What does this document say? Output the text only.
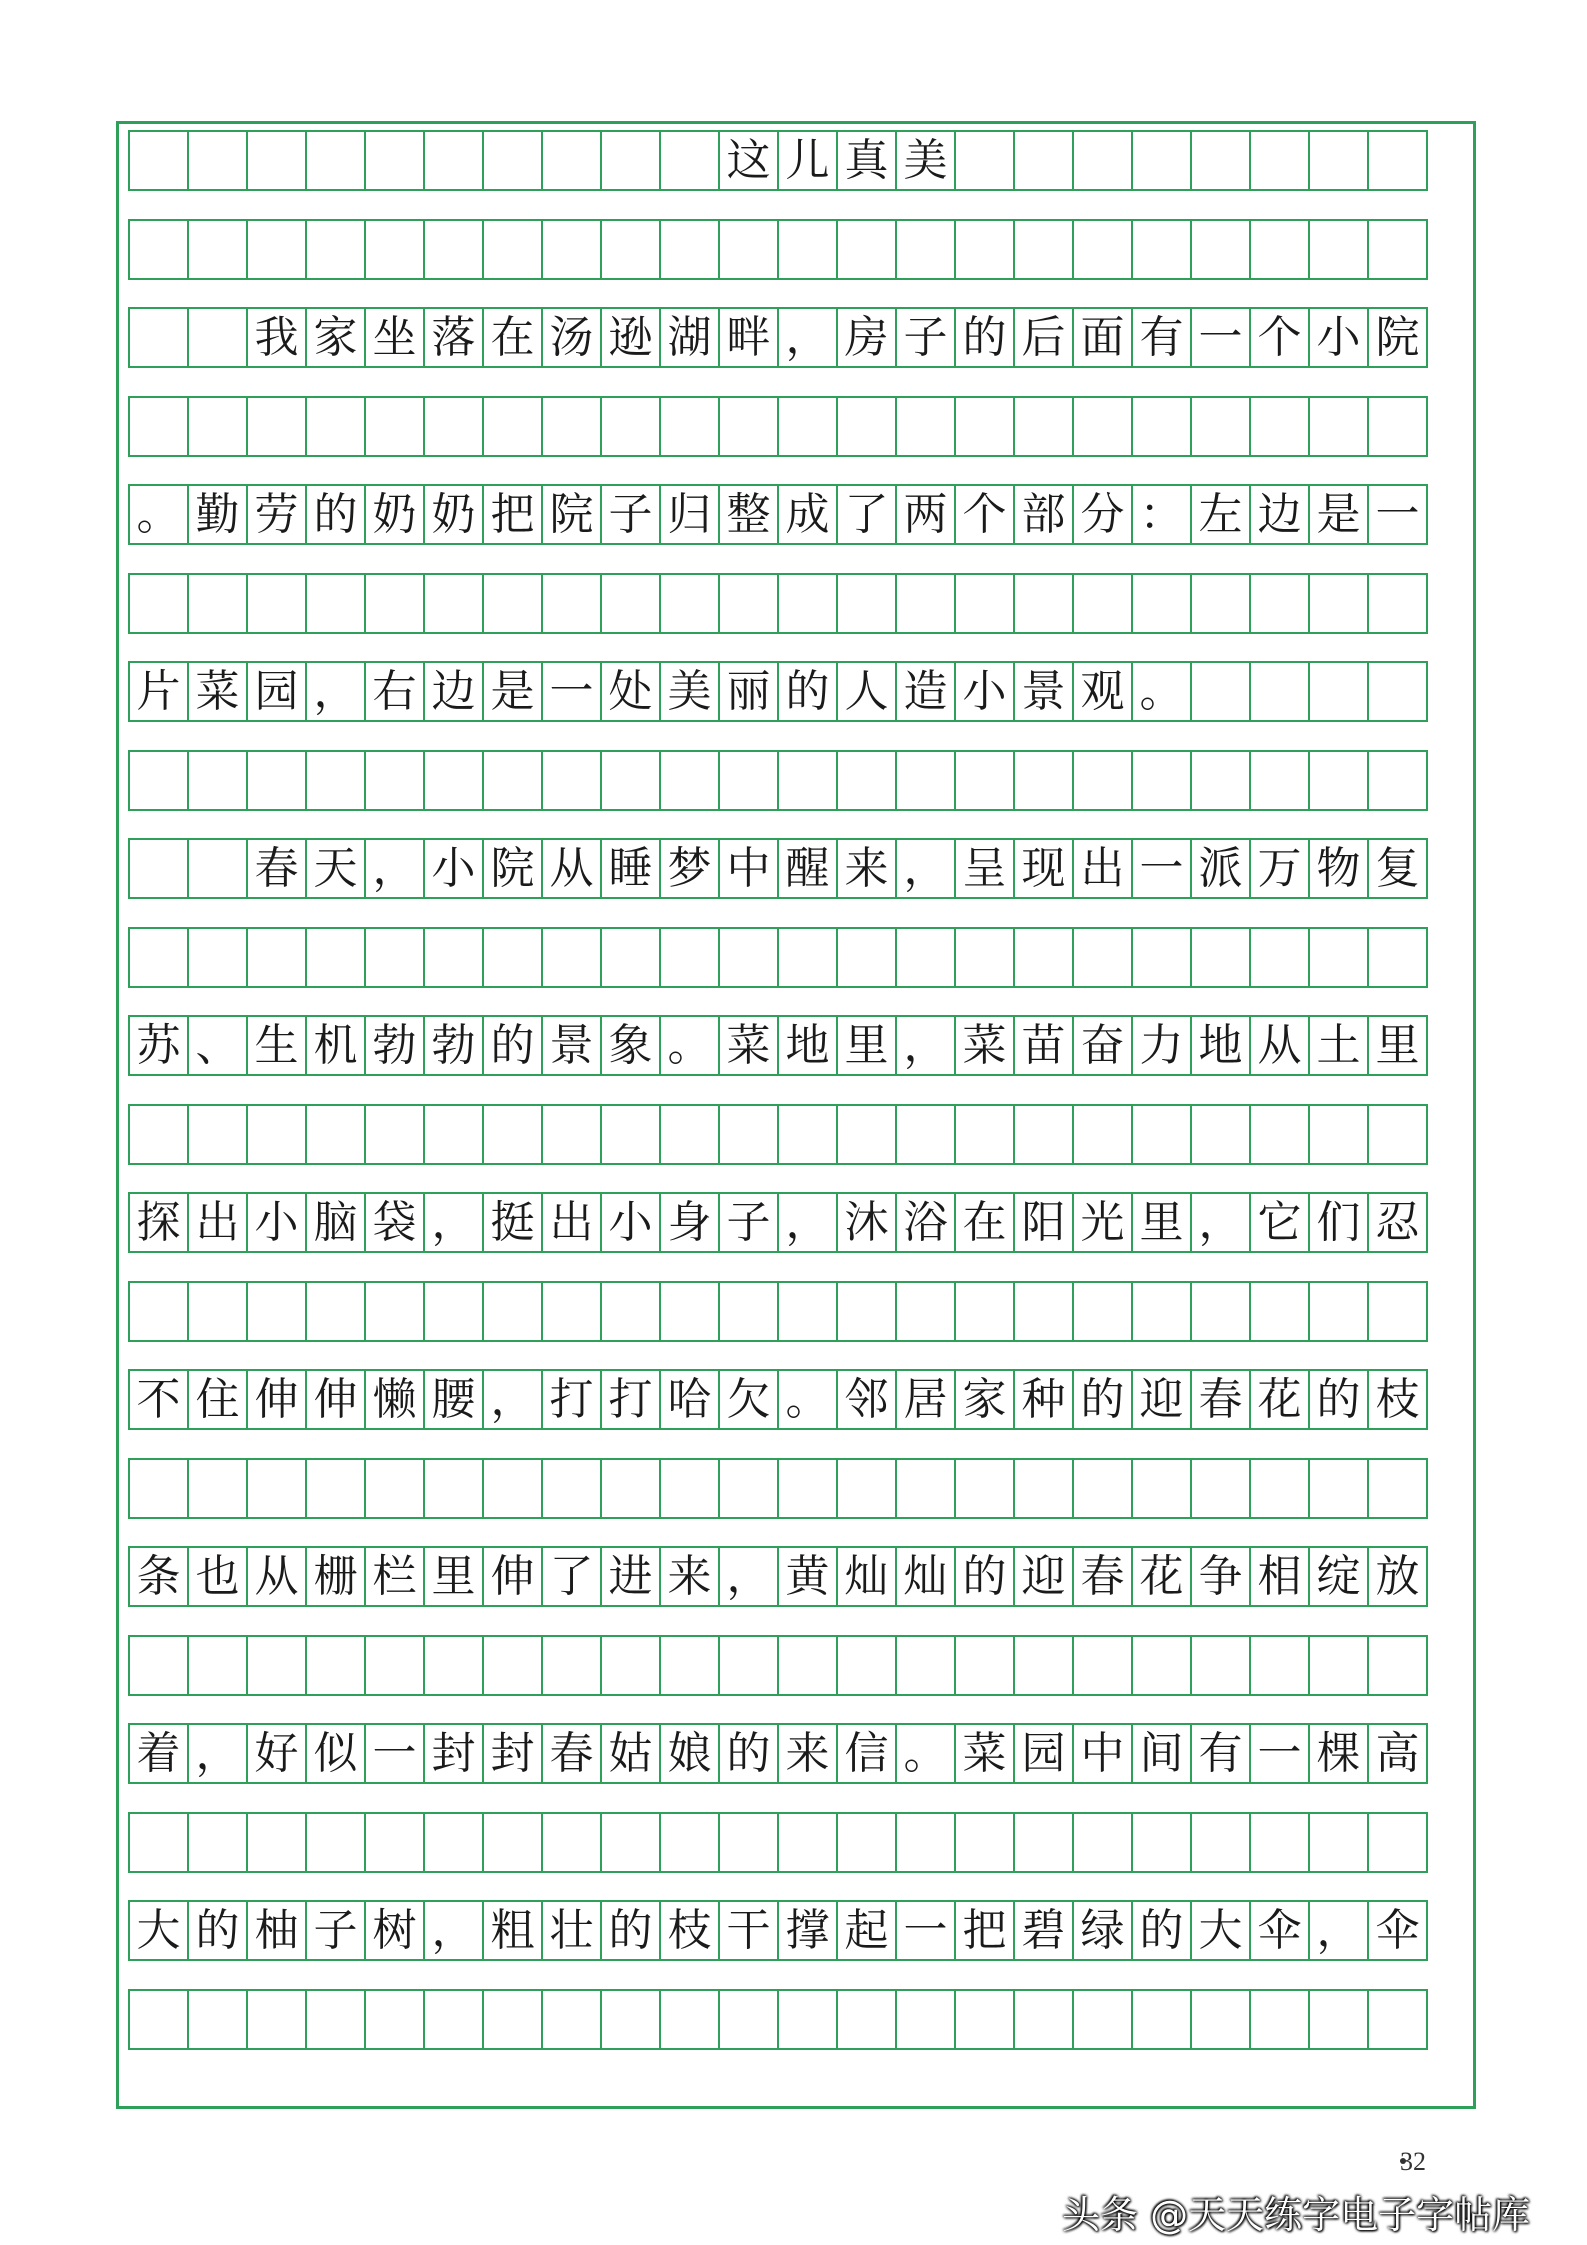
这 儿 真 美
我 家 坐 落 在 汤 逊 湖 畔 ， 房 子 的 后 面 有 一 个 小 院
。 勤 劳 的 奶 奶 把 院 子 归 整 成 了 两 个 部 分 ： 左 边 是 一
片 菜 园 ， 右 边 是 一 处 美 丽 的 人 造 小 景 观 。
春 天 ， 小 院 从 睡 梦 中 醒 来 ， 呈 现 出 一 派 万 物 复
苏 、 生 机 勃 勃 的 景 象 。 菜 地 里 ， 菜 苗 奋 力 地 从 土 里
探 出 小 脑 袋 ， 挺 出 小 身 子 ， 沐 浴 在 阳 光 里 ， 它 们 忍
不 住 伸 伸 懒 腰 ， 打 打 哈 欠 。 邻 居 家 种 的 迎 春 花 的 枝
条 也 从 栅 栏 里 伸 了 进 来 ， 黄 灿 灿 的 迎 春 花 争 相 绽 放
着 ， 好 似 一 封 封 春 姑 娘 的 来 信 。 菜 园 中 间 有 一 棵 高
大 的 柚 子 树 ， 粗 壮 的 枝 干 撑 起 一 把 碧 绿 的 大 伞 ， 伞
32
头条 @天天练字电子字帖库
